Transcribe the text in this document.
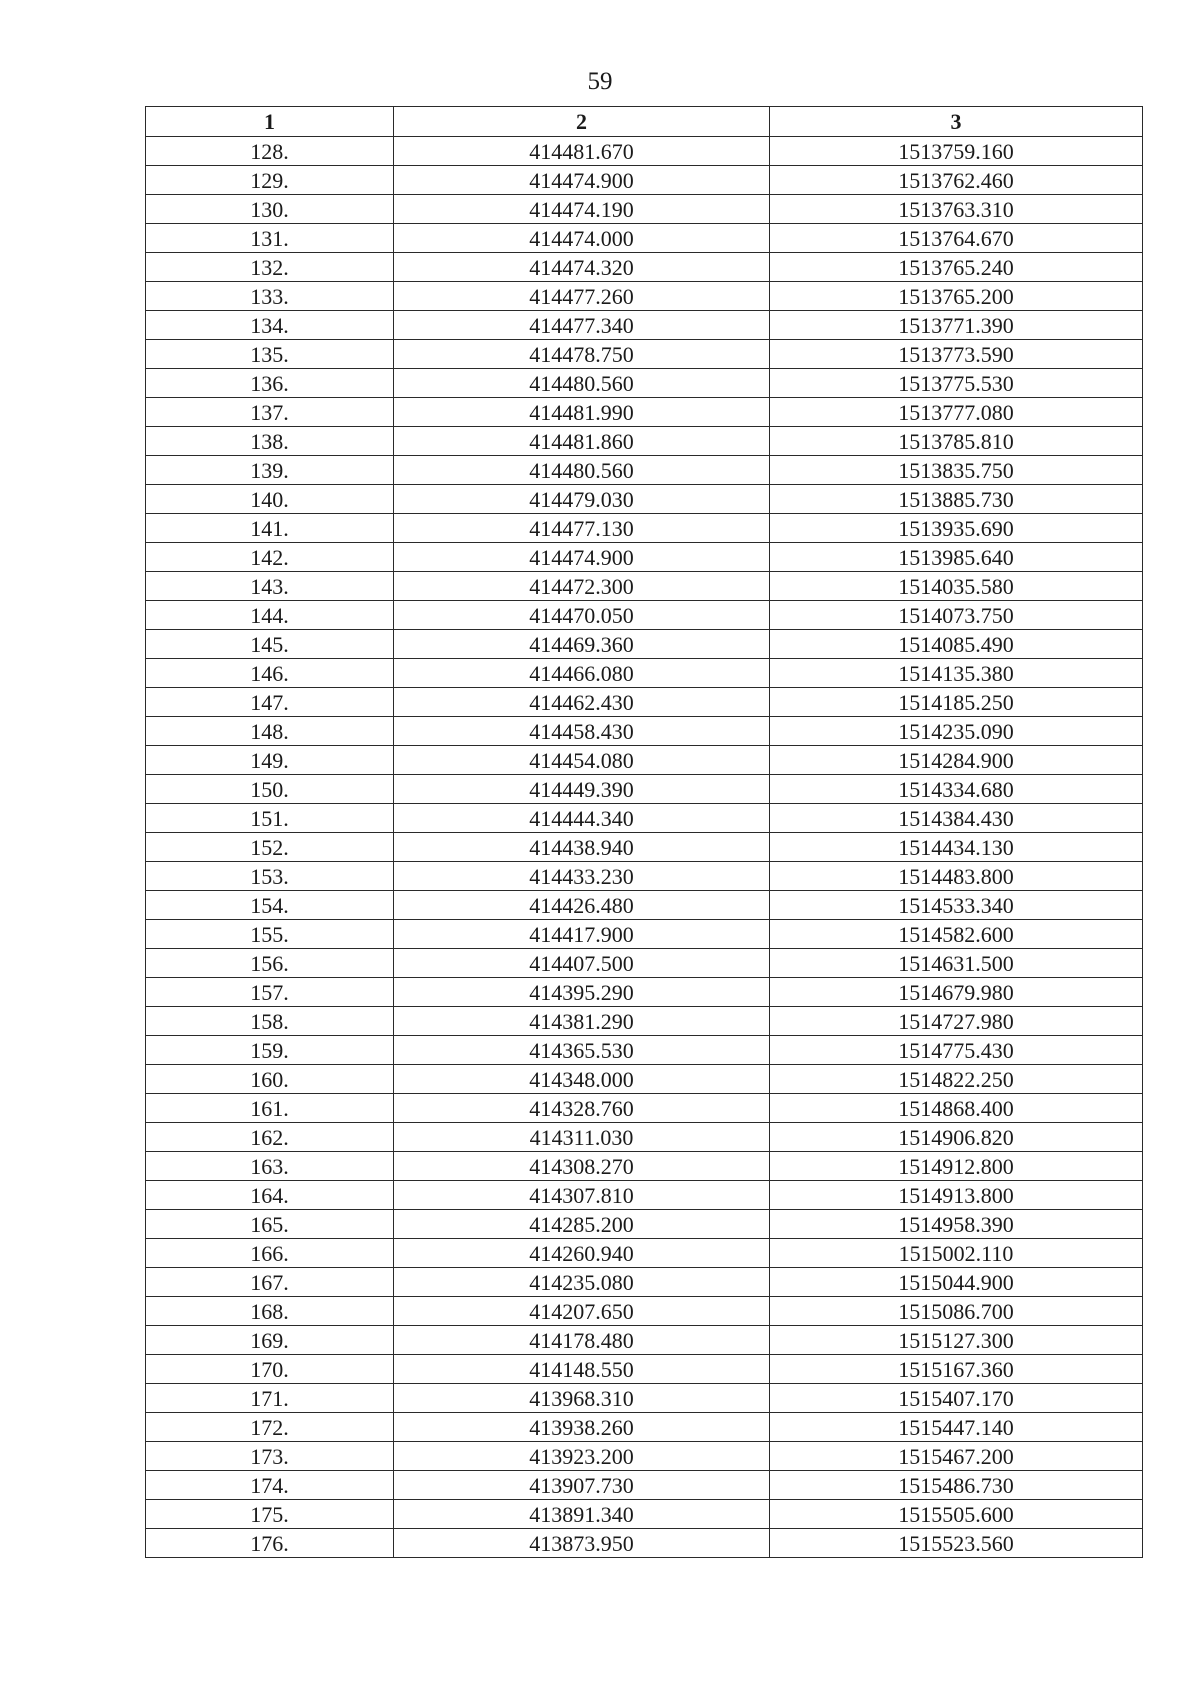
59
1	2	3
128.	414481.670	1513759.160
129.	414474.900	1513762.460
130.	414474.190	1513763.310
131.	414474.000	1513764.670
132.	414474.320	1513765.240
133.	414477.260	1513765.200
134.	414477.340	1513771.390
135.	414478.750	1513773.590
136.	414480.560	1513775.530
137.	414481.990	1513777.080
138.	414481.860	1513785.810
139.	414480.560	1513835.750
140.	414479.030	1513885.730
141.	414477.130	1513935.690
142.	414474.900	1513985.640
143.	414472.300	1514035.580
144.	414470.050	1514073.750
145.	414469.360	1514085.490
146.	414466.080	1514135.380
147.	414462.430	1514185.250
148.	414458.430	1514235.090
149.	414454.080	1514284.900
150.	414449.390	1514334.680
151.	414444.340	1514384.430
152.	414438.940	1514434.130
153.	414433.230	1514483.800
154.	414426.480	1514533.340
155.	414417.900	1514582.600
156.	414407.500	1514631.500
157.	414395.290	1514679.980
158.	414381.290	1514727.980
159.	414365.530	1514775.430
160.	414348.000	1514822.250
161.	414328.760	1514868.400
162.	414311.030	1514906.820
163.	414308.270	1514912.800
164.	414307.810	1514913.800
165.	414285.200	1514958.390
166.	414260.940	1515002.110
167.	414235.080	1515044.900
168.	414207.650	1515086.700
169.	414178.480	1515127.300
170.	414148.550	1515167.360
171.	413968.310	1515407.170
172.	413938.260	1515447.140
173.	413923.200	1515467.200
174.	413907.730	1515486.730
175.	413891.340	1515505.600
176.	413873.950	1515523.560
